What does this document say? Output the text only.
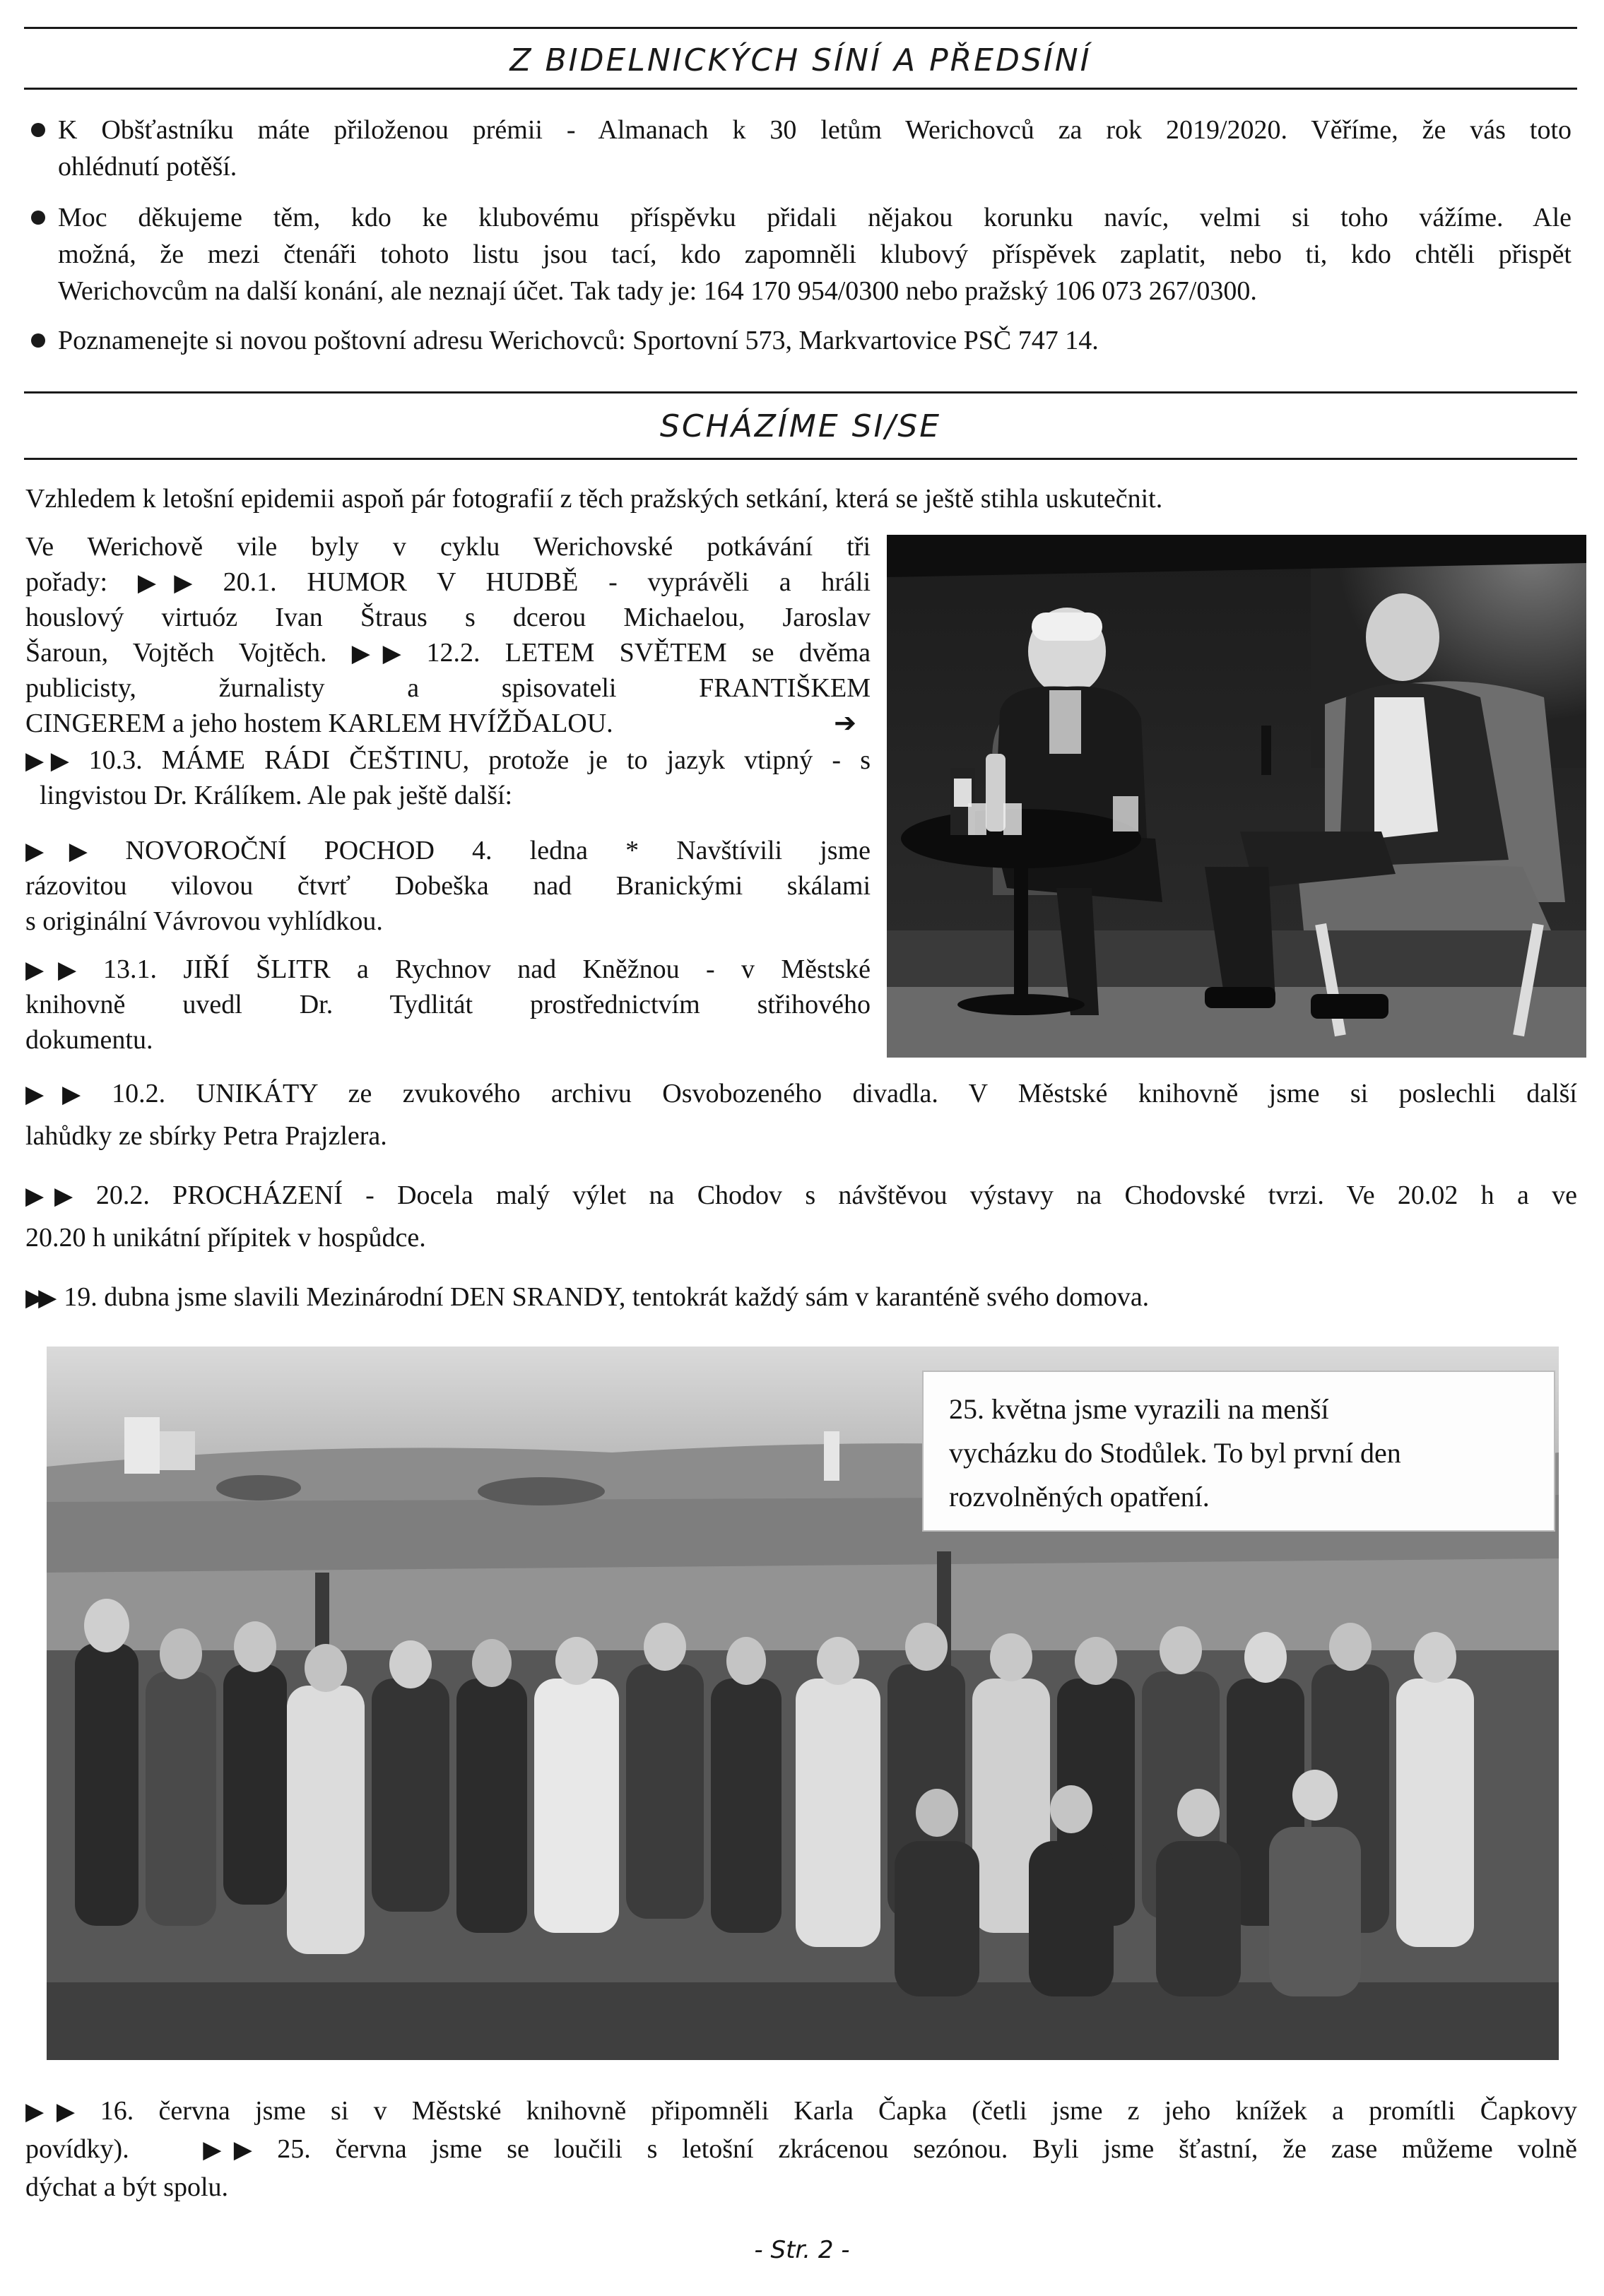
Z BIDELNICKÝCH SÍNÍ A PŘEDSÍNÍ
K Obšťastníku máte přiloženou prémii - Almanach k 30 letům Werichovců za rok 2019/2020. Věříme, že vás toto
ohlédnutí potěší.
Moc děkujeme těm, kdo ke klubovému příspěvku přidali nějakou korunku navíc, velmi si toho vážíme. Ale
možná, že mezi čtenáři tohoto listu jsou tací, kdo zapomněli klubový příspěvek zaplatit, nebo ti, kdo chtěli přispět
Werichovcům na další konání, ale neznají účet. Tak tady je: 164 170 954/0300 nebo pražský 106 073 267/0300.
Poznamenejte si novou poštovní adresu Werichovců: Sportovní 573, Markvartovice PSČ 747 14.
SCHÁZÍME SI/SE
Vzhledem k letošní epidemii aspoň pár fotografií z těch pražských setkání, která se ještě stihla uskutečnit.
Ve Werichově vile byly v cyklu Werichovské potkávání tři
pořady: ▶▶ 20.1. HUMOR V HUDBĚ - vyprávěli a hráli
houslový virtuóz Ivan Štraus s dcerou Michaelou, Jaroslav
Šaroun, Vojtěch Vojtěch. ▶▶ 12.2. LETEM SVĚTEM se dvěma
publicisty, žurnalisty a spisovateli FRANTIŠKEM
CINGEREM a jeho hostem KARLEM HVÍŽĎALOU.	➔
▶▶ 10.3. MÁME RÁDI ČEŠTINU, protože je to jazyk vtipný - s
lingvistou Dr. Králíkem. Ale pak ještě další:
▶▶ NOVOROČNÍ POCHOD 4. ledna * Navštívili jsme
rázovitou vilovou čtvrť Dobeška nad Branickými skálami
s originální Vávrovou vyhlídkou.
▶▶ 13.1. JIŘÍ ŠLITR a Rychnov nad Kněžnou - v Městské
knihovně uvedl Dr. Tydlitát prostřednictvím střihového
dokumentu.
▶▶ 10.2. UNIKÁTY ze zvukového archivu Osvobozeného divadla. V Městské knihovně jsme si poslechli další
lahůdky ze sbírky Petra Prajzlera.
▶▶ 20.2. PROCHÁZENÍ - Docela malý výlet na Chodov s návštěvou výstavy na Chodovské tvrzi. Ve 20.02 h a ve
20.20 h unikátní přípitek v hospůdce.
▶▶ 19. dubna jsme slavili Mezinárodní DEN SRANDY, tentokrát každý sám v karanténě svého domova.
25. května jsme vyrazili na menší
vycházku do Stodůlek. To byl první den
rozvolněných opatření.
▶▶ 16. června jsme si v Městské knihovně připomněli Karla Čapka (četli jsme z jeho knížek a promítli Čapkovy
povídky).	▶▶ 25. června jsme se loučili s letošní zkrácenou sezónou. Byli jsme šťastní, že zase můžeme volně
dýchat a být spolu.
- Str. 2 -
